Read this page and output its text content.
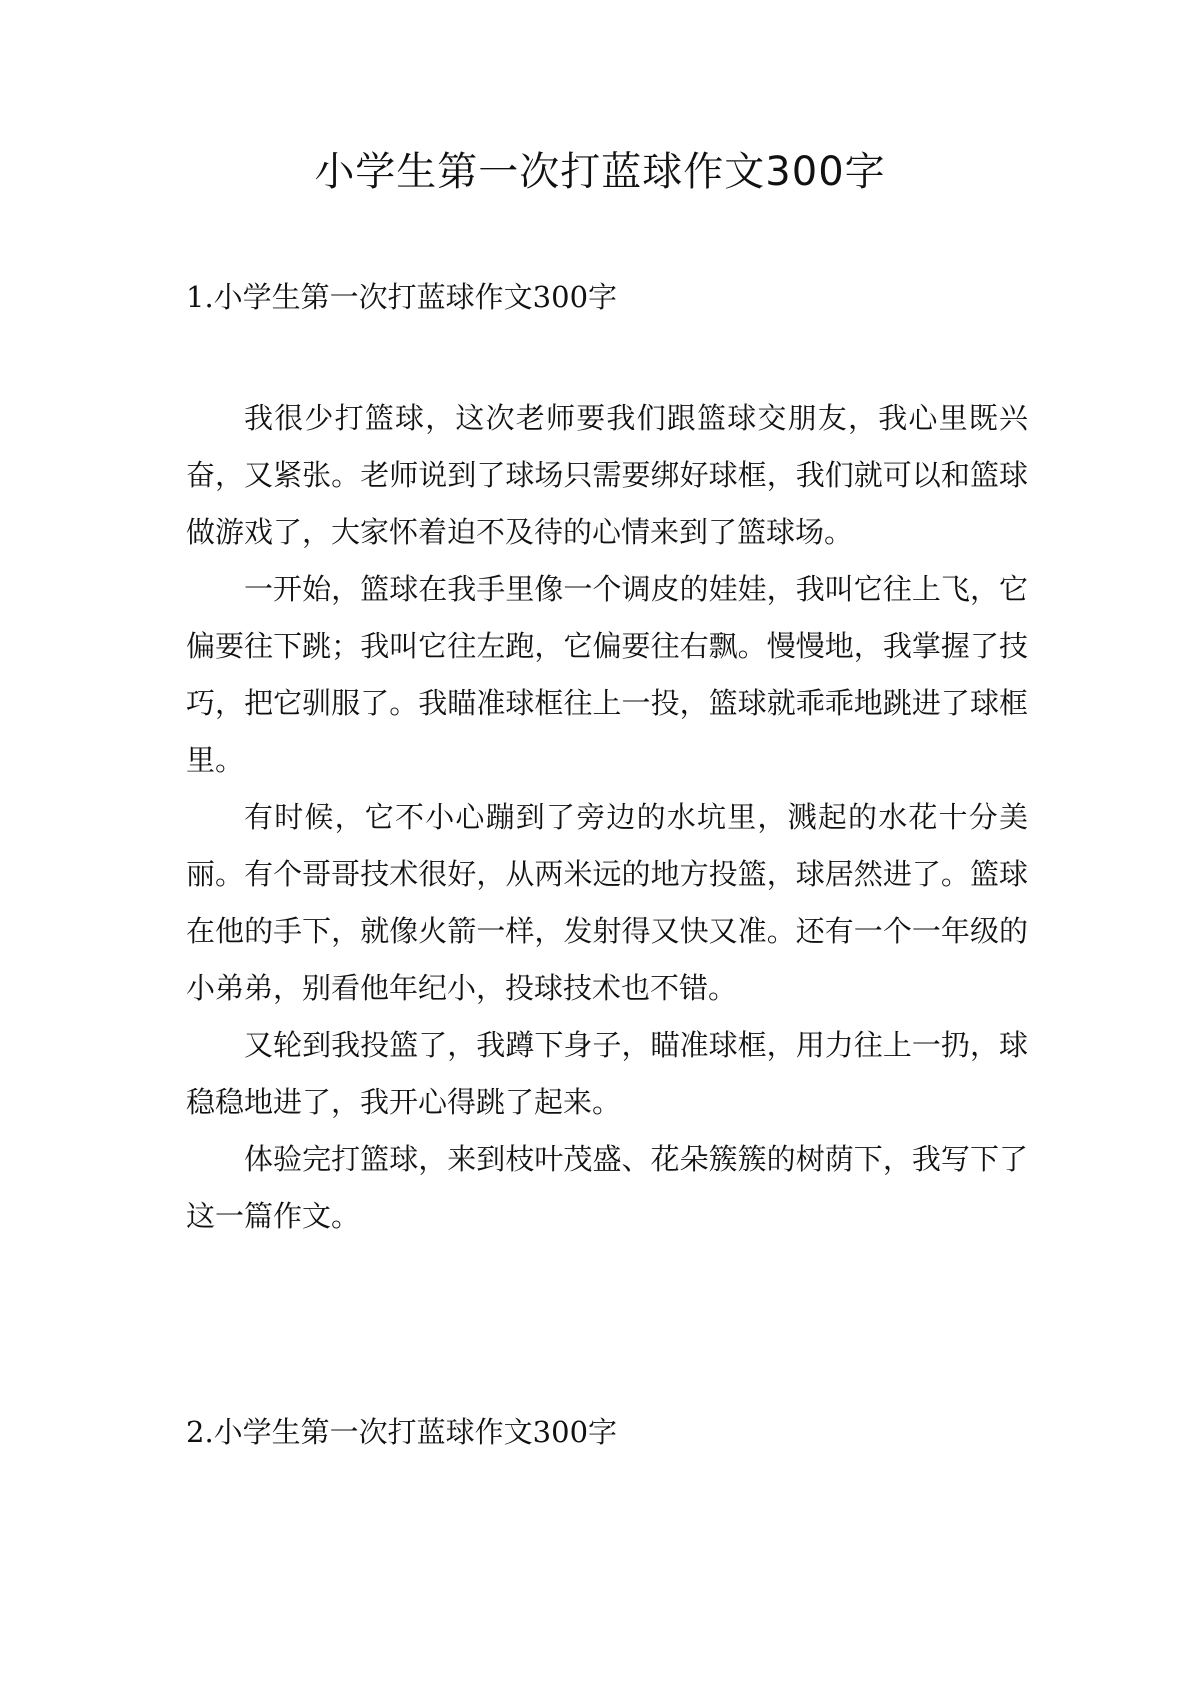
小学生第一次打蓝球作文300字
1.小学生第一次打蓝球作文300字

我很少打篮球，这次老师要我们跟篮球交朋友，我心里既兴奋，又紧张。老师说到了球场只需要绑好球框，我们就可以和篮球做游戏了，大家怀着迫不及待的心情来到了篮球场。

一开始，篮球在我手里像一个调皮的娃娃，我叫它往上飞，它偏要往下跳；我叫它往左跑，它偏要往右飘。慢慢地，我掌握了技巧，把它驯服了。我瞄准球框往上一投，篮球就乖乖地跳进了球框里。

有时候，它不小心蹦到了旁边的水坑里，溅起的水花十分美丽。有个哥哥技术很好，从两米远的地方投篮，球居然进了。篮球在他的手下，就像火箭一样，发射得又快又准。还有一个一年级的小弟弟，别看他年纪小，投球技术也不错。

又轮到我投篮了，我蹲下身子，瞄准球框，用力往上一扔，球稳稳地进了，我开心得跳了起来。

体验完打篮球，来到枝叶茂盛、花朵簇簇的树荫下，我写下了这一篇作文。

2.小学生第一次打蓝球作文300字
